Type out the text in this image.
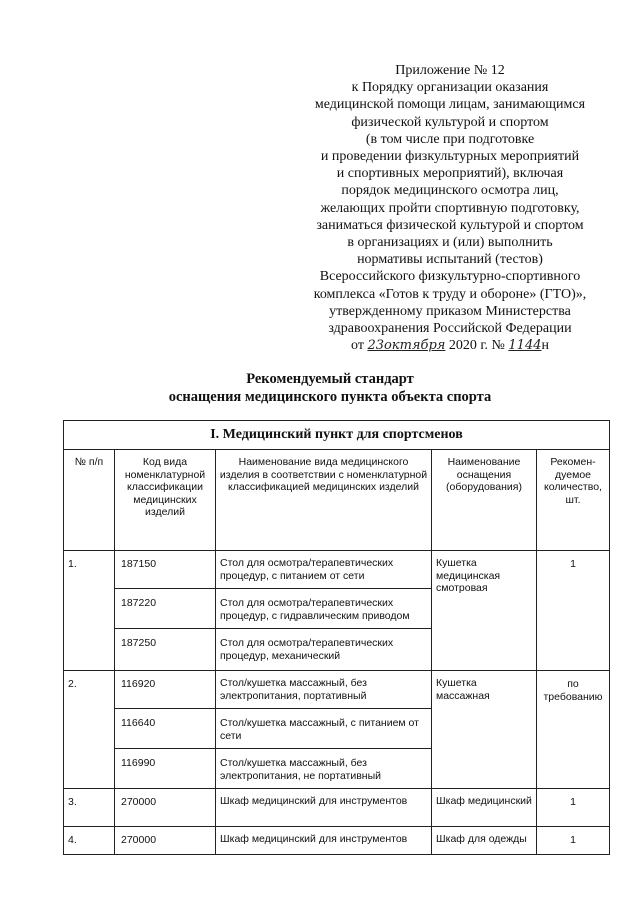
Приложение № 12
к Порядку организации оказания
медицинской помощи лицам, занимающимся
физической культурой и спортом
(в том числе при подготовке
и проведении физкультурных мероприятий
и спортивных мероприятий), включая
порядок медицинского осмотра лиц,
желающих пройти спортивную подготовку,
заниматься физической культурой и спортом
в организациях и (или) выполнить
нормативы испытаний (тестов)
Всероссийского физкультурно-спортивного
комплекса «Готов к труду и обороне» (ГТО)»,
утвержденному приказом Министерства
здравоохранения Российской Федерации
от 23октября 2020 г. № 1144н
Рекомендуемый стандарт
оснащения медицинского пункта объекта спорта
I. Медицинский пункт для спортсменов				
№ п/п	Код вида номенклатурной классификации медицинских изделий	Наименование вида медицинского изделия в соответствии с номенклатурной классификацией медицинских изделий	Наименование оснащения (оборудования)	Рекомен- дуемое количество, шт.
1.	187150	Стол для осмотра/терапевтических процедур, с питанием от сети	Кушетка медицинская смотровая	1
	187220	Стол для осмотра/терапевтических процедур, с гидравлическим приводом		
	187250	Стол для осмотра/терапевтических процедур, механический		
2.	116920	Стол/кушетка массажный, без электропитания, портативный	Кушетка массажная	по требованию
	116640	Стол/кушетка массажный, с питанием от сети		
	116990	Стол/кушетка массажный, без электропитания, не портативный		
3.	270000	Шкаф медицинский для инструментов	Шкаф медицинский	1
4.	270000	Шкаф медицинский для инструментов	Шкаф для одежды	1
